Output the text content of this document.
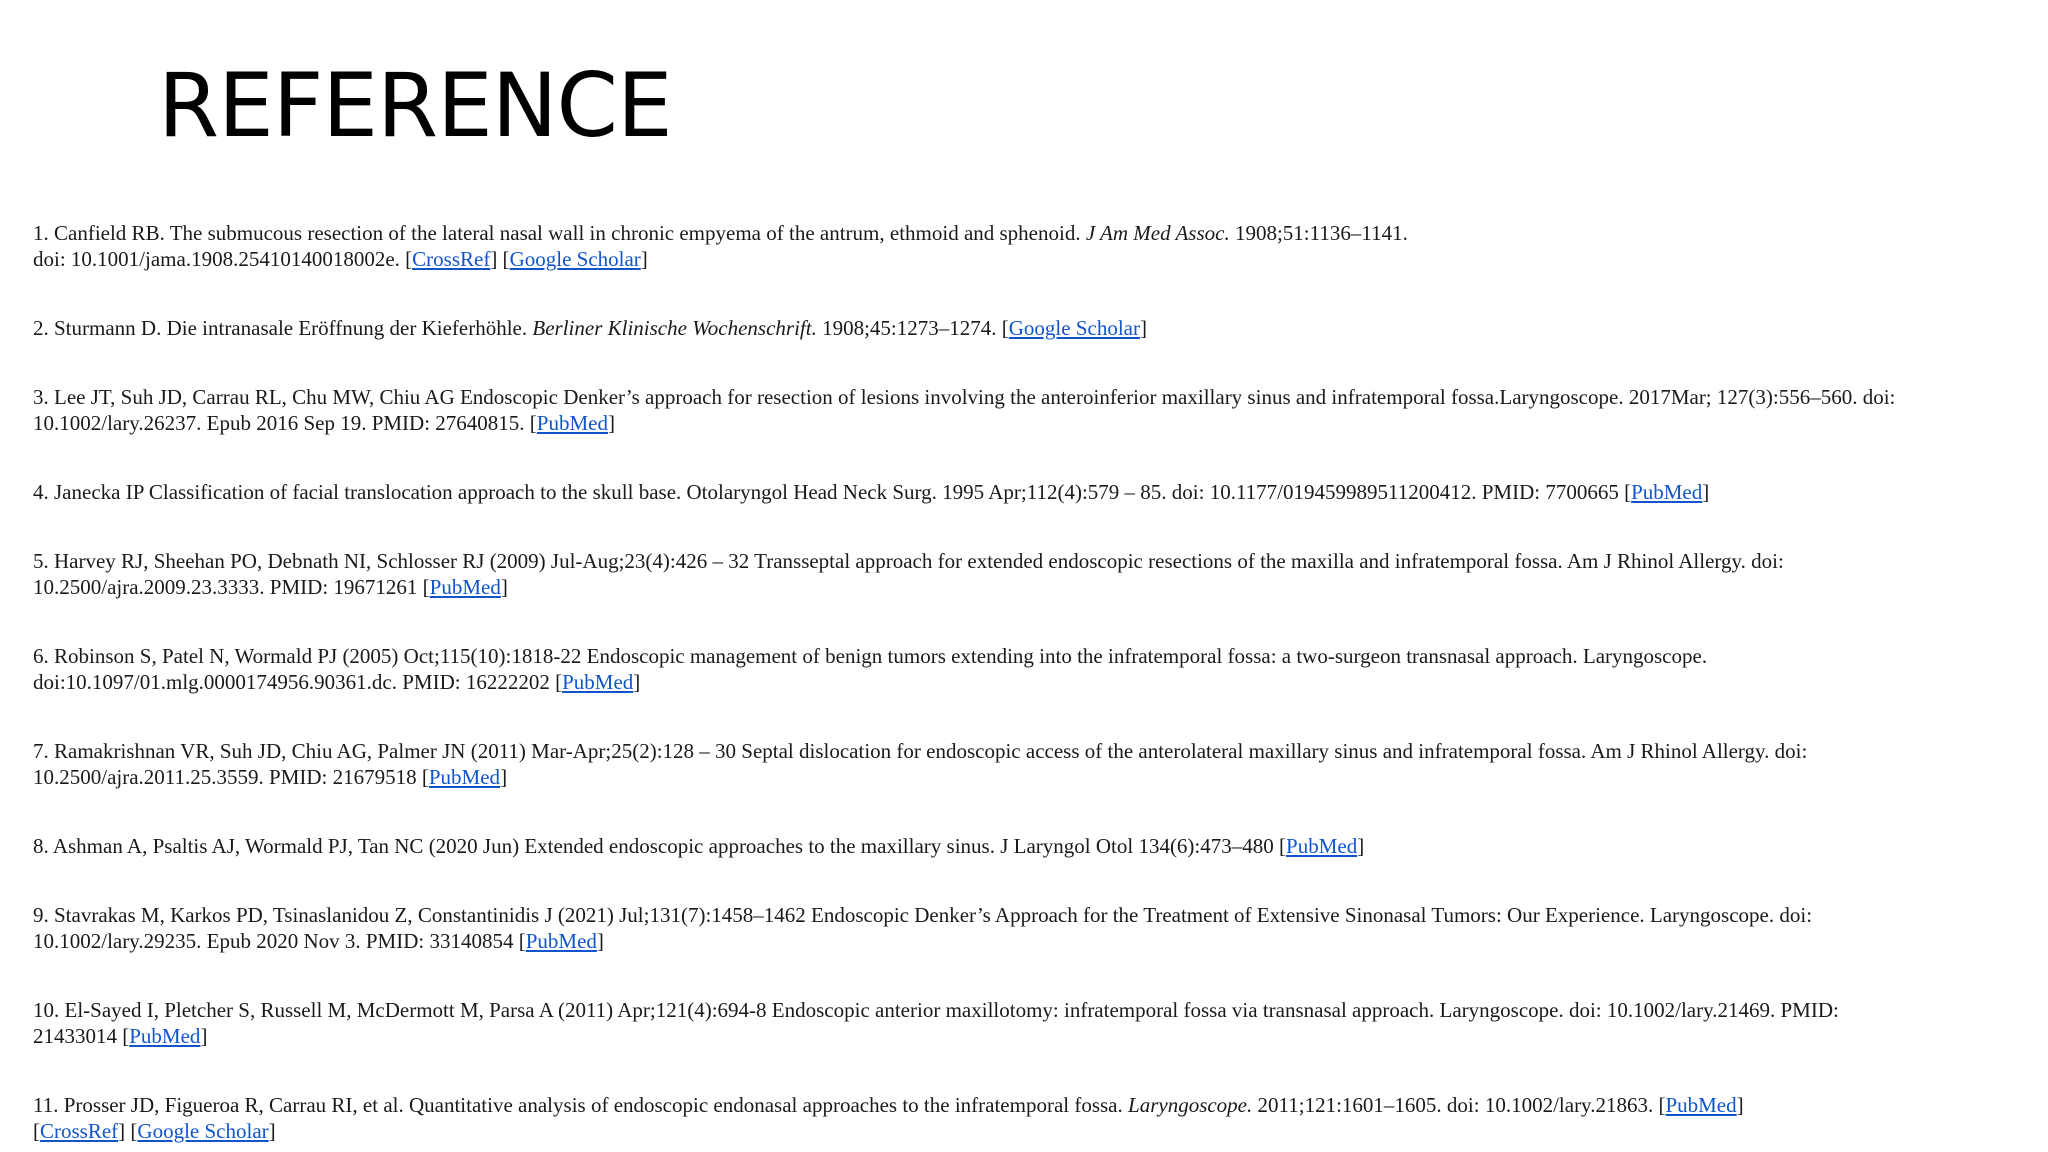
REFERENCE
1. Canfield RB. The submucous resection of the lateral nasal wall in chronic empyema of the antrum, ethmoid and sphenoid. J Am Med Assoc. 1908;51:1136–1141.
doi: 10.1001/jama.1908.25410140018002e. [CrossRef] [Google Scholar]
2. Sturmann D. Die intranasale Eröffnung der Kieferhöhle. Berliner Klinische Wochenschrift. 1908;45:1273–1274. [Google Scholar]
3. Lee JT, Suh JD, Carrau RL, Chu MW, Chiu AG Endoscopic Denker’s approach for resection of lesions involving the anteroinferior maxillary sinus and infratemporal fossa.Laryngoscope. 2017Mar; 127(3):556–560. doi:
10.1002/lary.26237. Epub 2016 Sep 19. PMID: 27640815. [PubMed]
4. Janecka IP Classification of facial translocation approach to the skull base. Otolaryngol Head Neck Surg. 1995 Apr;112(4):579 – 85. doi: 10.1177/019459989511200412. PMID: 7700665 [PubMed]
5. Harvey RJ, Sheehan PO, Debnath NI, Schlosser RJ (2009) Jul-Aug;23(4):426 – 32 Transseptal approach for extended endoscopic resections of the maxilla and infratemporal fossa. Am J Rhinol Allergy. doi:
10.2500/ajra.2009.23.3333. PMID: 19671261 [PubMed]
6. Robinson S, Patel N, Wormald PJ (2005) Oct;115(10):1818-22 Endoscopic management of benign tumors extending into the infratemporal fossa: a two-surgeon transnasal approach. Laryngoscope.
doi:10.1097/01.mlg.0000174956.90361.dc. PMID: 16222202 [PubMed]
7. Ramakrishnan VR, Suh JD, Chiu AG, Palmer JN (2011) Mar-Apr;25(2):128 – 30 Septal dislocation for endoscopic access of the anterolateral maxillary sinus and infratemporal fossa. Am J Rhinol Allergy. doi:
10.2500/ajra.2011.25.3559. PMID: 21679518 [PubMed]
8. Ashman A, Psaltis AJ, Wormald PJ, Tan NC (2020 Jun) Extended endoscopic approaches to the maxillary sinus. J Laryngol Otol 134(6):473–480 [PubMed]
9. Stavrakas M, Karkos PD, Tsinaslanidou Z, Constantinidis J (2021) Jul;131(7):1458–1462 Endoscopic Denker’s Approach for the Treatment of Extensive Sinonasal Tumors: Our Experience. Laryngoscope. doi:
10.1002/lary.29235. Epub 2020 Nov 3. PMID: 33140854 [PubMed]
10. El-Sayed I, Pletcher S, Russell M, McDermott M, Parsa A (2011) Apr;121(4):694-8 Endoscopic anterior maxillotomy: infratemporal fossa via transnasal approach. Laryngoscope. doi: 10.1002/lary.21469. PMID:
21433014 [PubMed]
11. Prosser JD, Figueroa R, Carrau RI, et al. Quantitative analysis of endoscopic endonasal approaches to the infratemporal fossa. Laryngoscope. 2011;121:1601–1605. doi: 10.1002/lary.21863. [PubMed]
[CrossRef] [Google Scholar]
